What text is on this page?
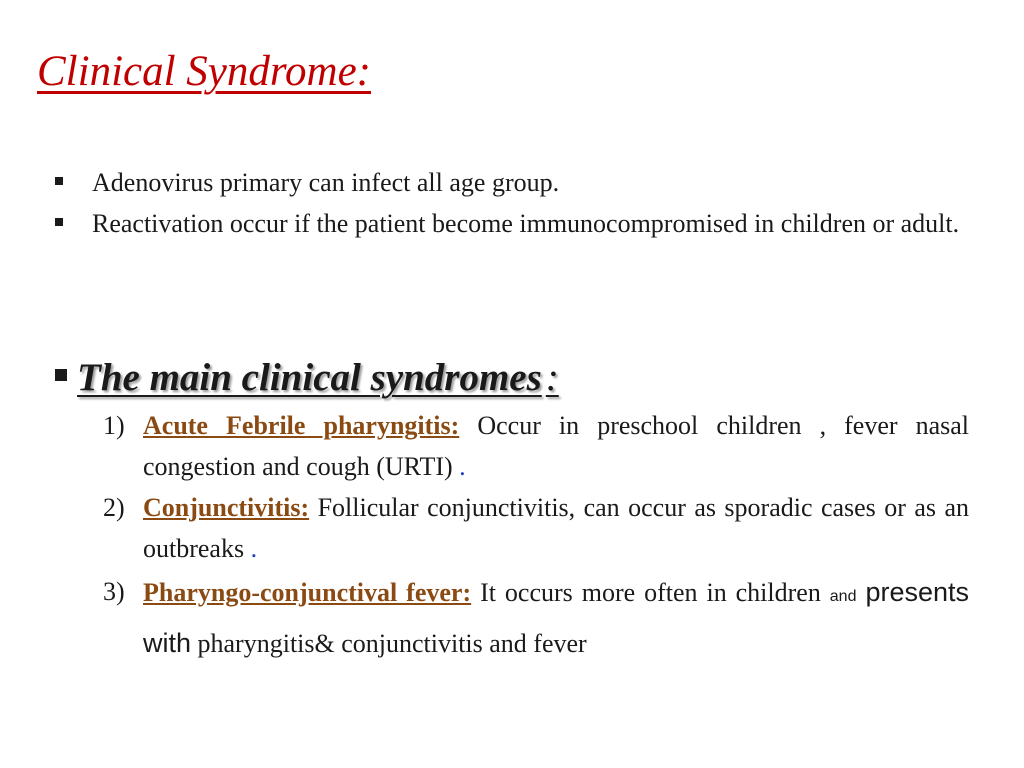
Clinical Syndrome:
Adenovirus primary can infect all age group.
Reactivation occur if the patient become immunocompromised in children or adult.
The main clinical syndromes :
1) Acute Febrile pharyngitis: Occur in preschool children , fever nasal congestion and cough (URTI) .
2) Conjunctivitis: Follicular conjunctivitis, can occur as sporadic cases or as an outbreaks .
3) Pharyngo-conjunctival fever: It occurs more often in children and presents with pharyngitis& conjunctivitis and fever
